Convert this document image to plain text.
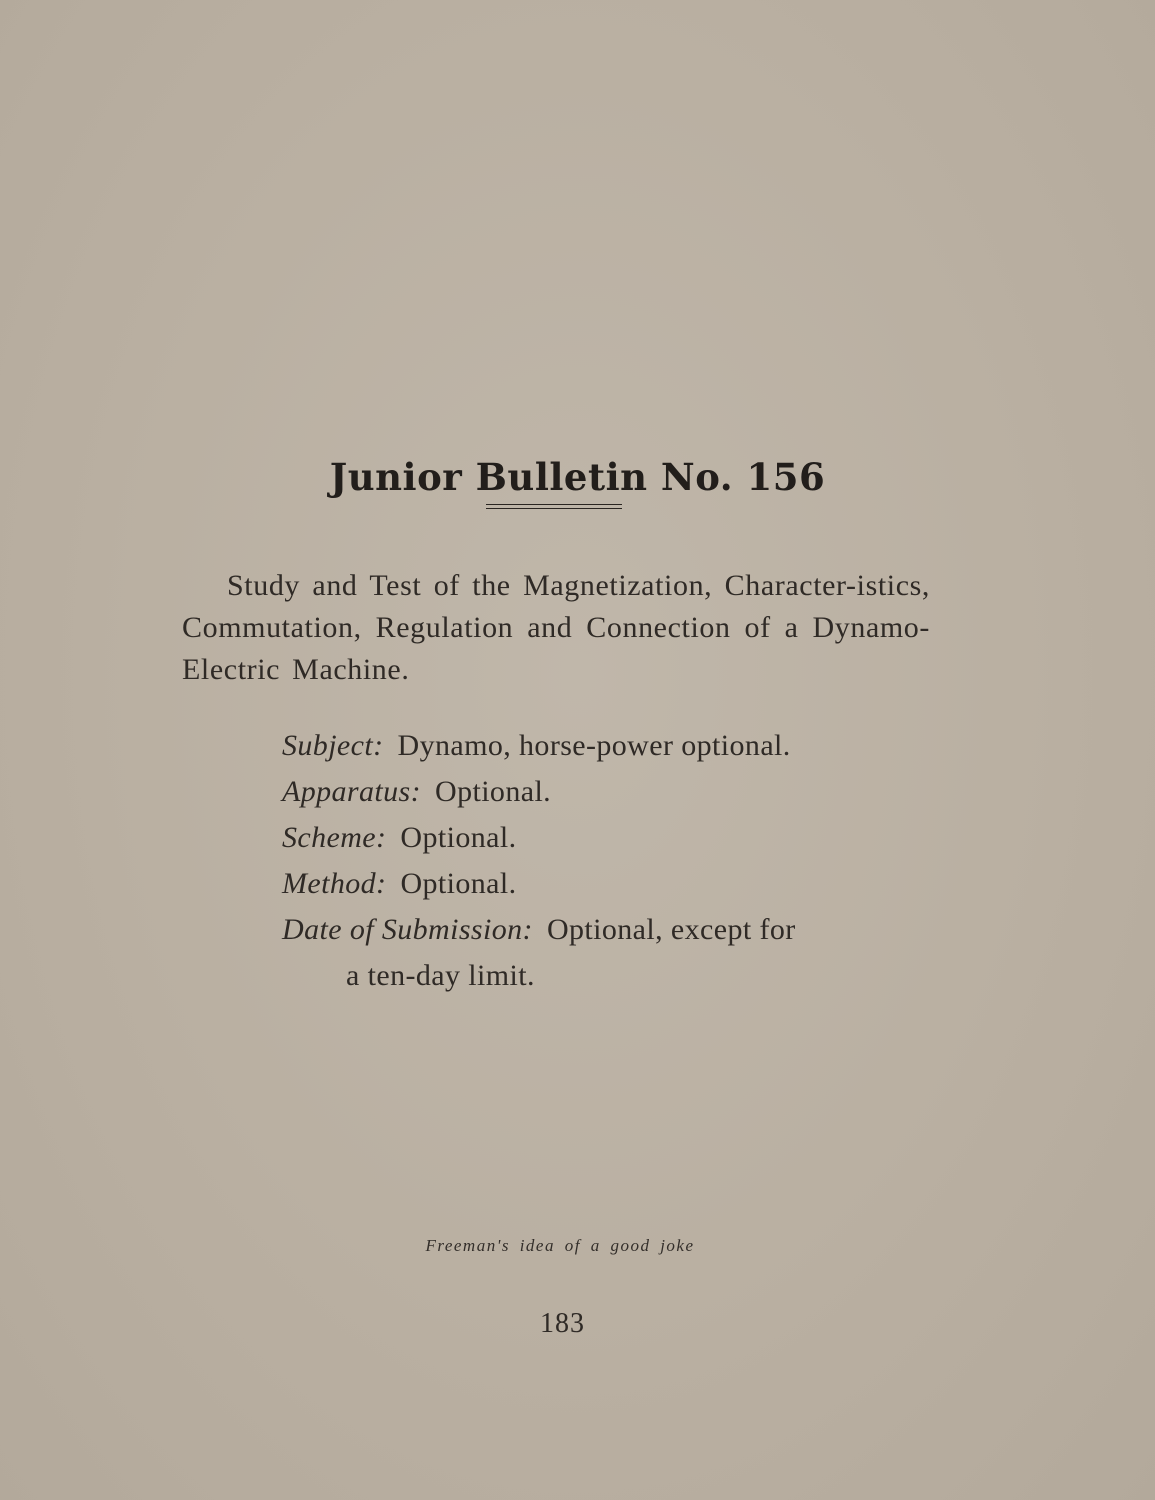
Junior Bulletin No. 156
Study and Test of the Magnetization, Character-istics, Commutation, Regulation and Connection of a Dynamo-Electric Machine.
Subject: Dynamo, horse-power optional.
Apparatus: Optional.
Scheme: Optional.
Method: Optional.
Date of Submission: Optional, except for
a ten-day limit.
Freeman's idea of a good joke
183
